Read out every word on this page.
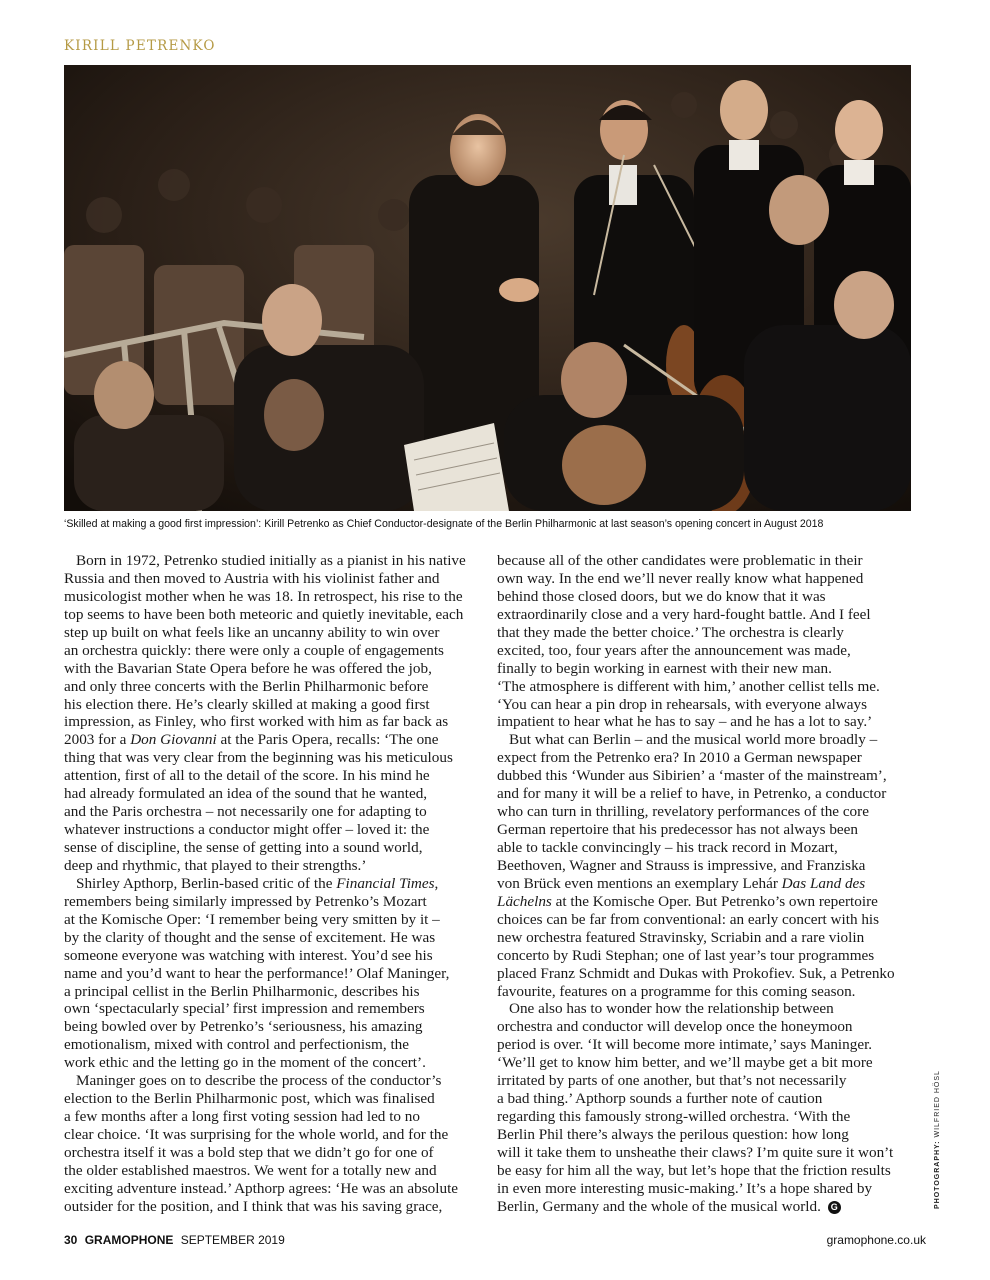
KIRILL PETRENKO
‘Skilled at making a good first impression’: Kirill Petrenko as Chief Conductor-designate of the Berlin Philharmonic at last season’s opening concert in August 2018
Born in 1972, Petrenko studied initially as a pianist in his native
Russia and then moved to Austria with his violinist father and
musicologist mother when he was 18. In retrospect, his rise to the
top seems to have been both meteoric and quietly inevitable, each
step up built on what feels like an uncanny ability to win over
an orchestra quickly: there were only a couple of engagements
with the Bavarian State Opera before he was offered the job,
and only three concerts with the Berlin Philharmonic before
his election there. He’s clearly skilled at making a good first
impression, as Finley, who first worked with him as far back as
2003 for a Don Giovanni at the Paris Opera, recalls: ‘The one
thing that was very clear from the beginning was his meticulous
attention, first of all to the detail of the score. In his mind he
had already formulated an idea of the sound that he wanted,
and the Paris orchestra – not necessarily one for adapting to
whatever instructions a conductor might offer – loved it: the
sense of discipline, the sense of getting into a sound world,
deep and rhythmic, that played to their strengths.’
Shirley Apthorp, Berlin-based critic of the Financial Times,
remembers being similarly impressed by Petrenko’s Mozart
at the Komische Oper: ‘I remember being very smitten by it –
by the clarity of thought and the sense of excitement. He was
someone everyone was watching with interest. You’d see his
name and you’d want to hear the performance!’ Olaf Maninger,
a principal cellist in the Berlin Philharmonic, describes his
own ‘spectacularly special’ first impression and remembers
being bowled over by Petrenko’s ‘seriousness, his amazing
emotionalism, mixed with control and perfectionism, the
work ethic and the letting go in the moment of the concert’.
Maninger goes on to describe the process of the conductor’s
election to the Berlin Philharmonic post, which was finalised
a few months after a long first voting session had led to no
clear choice. ‘It was surprising for the whole world, and for the
orchestra itself it was a bold step that we didn’t go for one of
the older established maestros. We went for a totally new and
exciting adventure instead.’ Apthorp agrees: ‘He was an absolute
outsider for the position, and I think that was his saving grace,
because all of the other candidates were problematic in their
own way. In the end we’ll never really know what happened
behind those closed doors, but we do know that it was
extraordinarily close and a very hard-fought battle. And I feel
that they made the better choice.’ The orchestra is clearly
excited, too, four years after the announcement was made,
finally to begin working in earnest with their new man.
‘The atmosphere is different with him,’ another cellist tells me.
‘You can hear a pin drop in rehearsals, with everyone always
impatient to hear what he has to say – and he has a lot to say.’
But what can Berlin – and the musical world more broadly –
expect from the Petrenko era? In 2010 a German newspaper
dubbed this ‘Wunder aus Sibirien’ a ‘master of the mainstream’,
and for many it will be a relief to have, in Petrenko, a conductor
who can turn in thrilling, revelatory performances of the core
German repertoire that his predecessor has not always been
able to tackle convincingly – his track record in Mozart,
Beethoven, Wagner and Strauss is impressive, and Franziska
von Brück even mentions an exemplary Lehár Das Land des
Lächelns at the Komische Oper. But Petrenko’s own repertoire
choices can be far from conventional: an early concert with his
new orchestra featured Stravinsky, Scriabin and a rare violin
concerto by Rudi Stephan; one of last year’s tour programmes
placed Franz Schmidt and Dukas with Prokofiev. Suk, a Petrenko
favourite, features on a programme for this coming season.
One also has to wonder how the relationship between
orchestra and conductor will develop once the honeymoon
period is over. ‘It will become more intimate,’ says Maninger.
‘We’ll get to know him better, and we’ll maybe get a bit more
irritated by parts of one another, but that’s not necessarily
a bad thing.’ Apthorp sounds a further note of caution
regarding this famously strong-willed orchestra. ‘With the
Berlin Phil there’s always the perilous question: how long
will it take them to unsheathe their claws? I’m quite sure it won’t
be easy for him all the way, but let’s hope that the friction results
in even more interesting music-making.’ It’s a hope shared by
Berlin, Germany and the whole of the musical world. G	PHOTOGRAPHY: WILFRIED HÖSL
30 GRAMOPHONE SEPTEMBER 2019	gramophone.co.uk
